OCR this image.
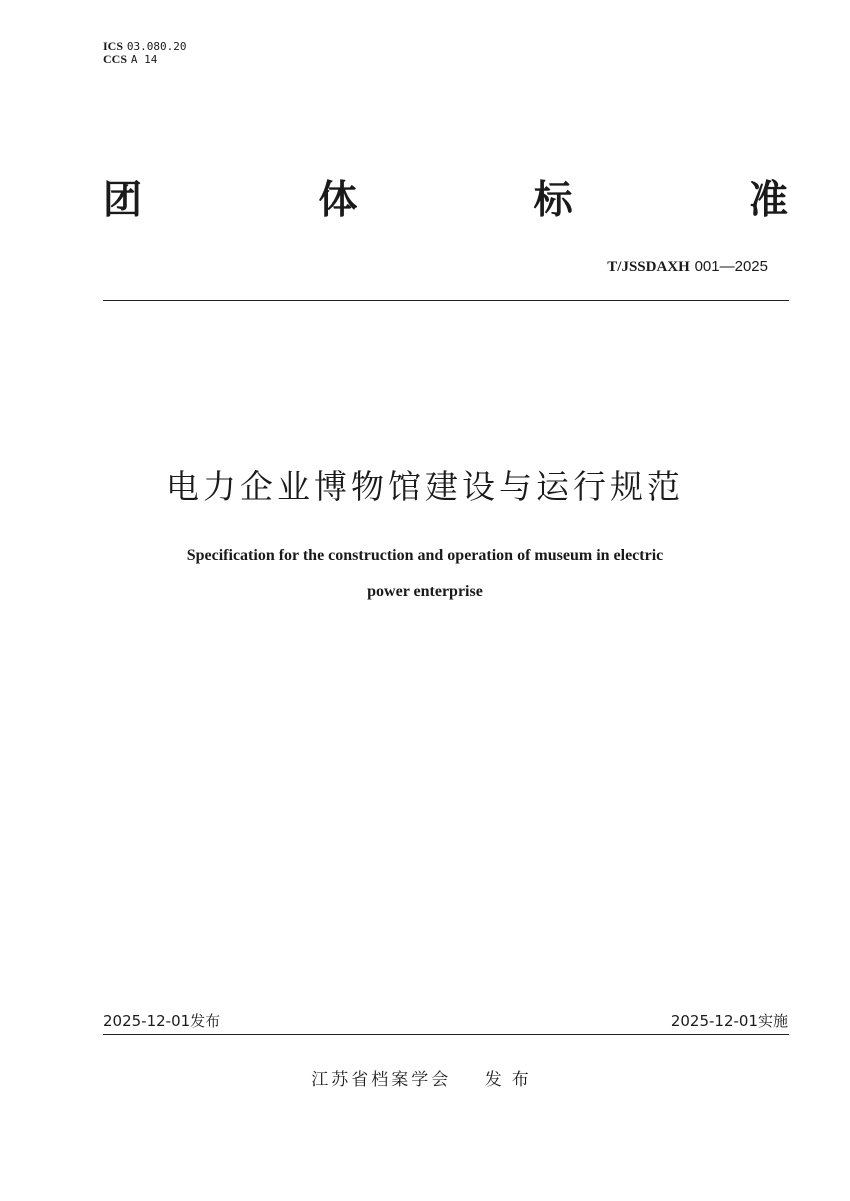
ICS 03.080.20
CCS A 14
团	体	标	准
T/JSSDAXH 001—2025
电力企业博物馆建设与运行规范
Specification for the construction and operation of museum in electric
power enterprise
2025-12-01发布	2025-12-01实施
江苏省档案学会 发布
